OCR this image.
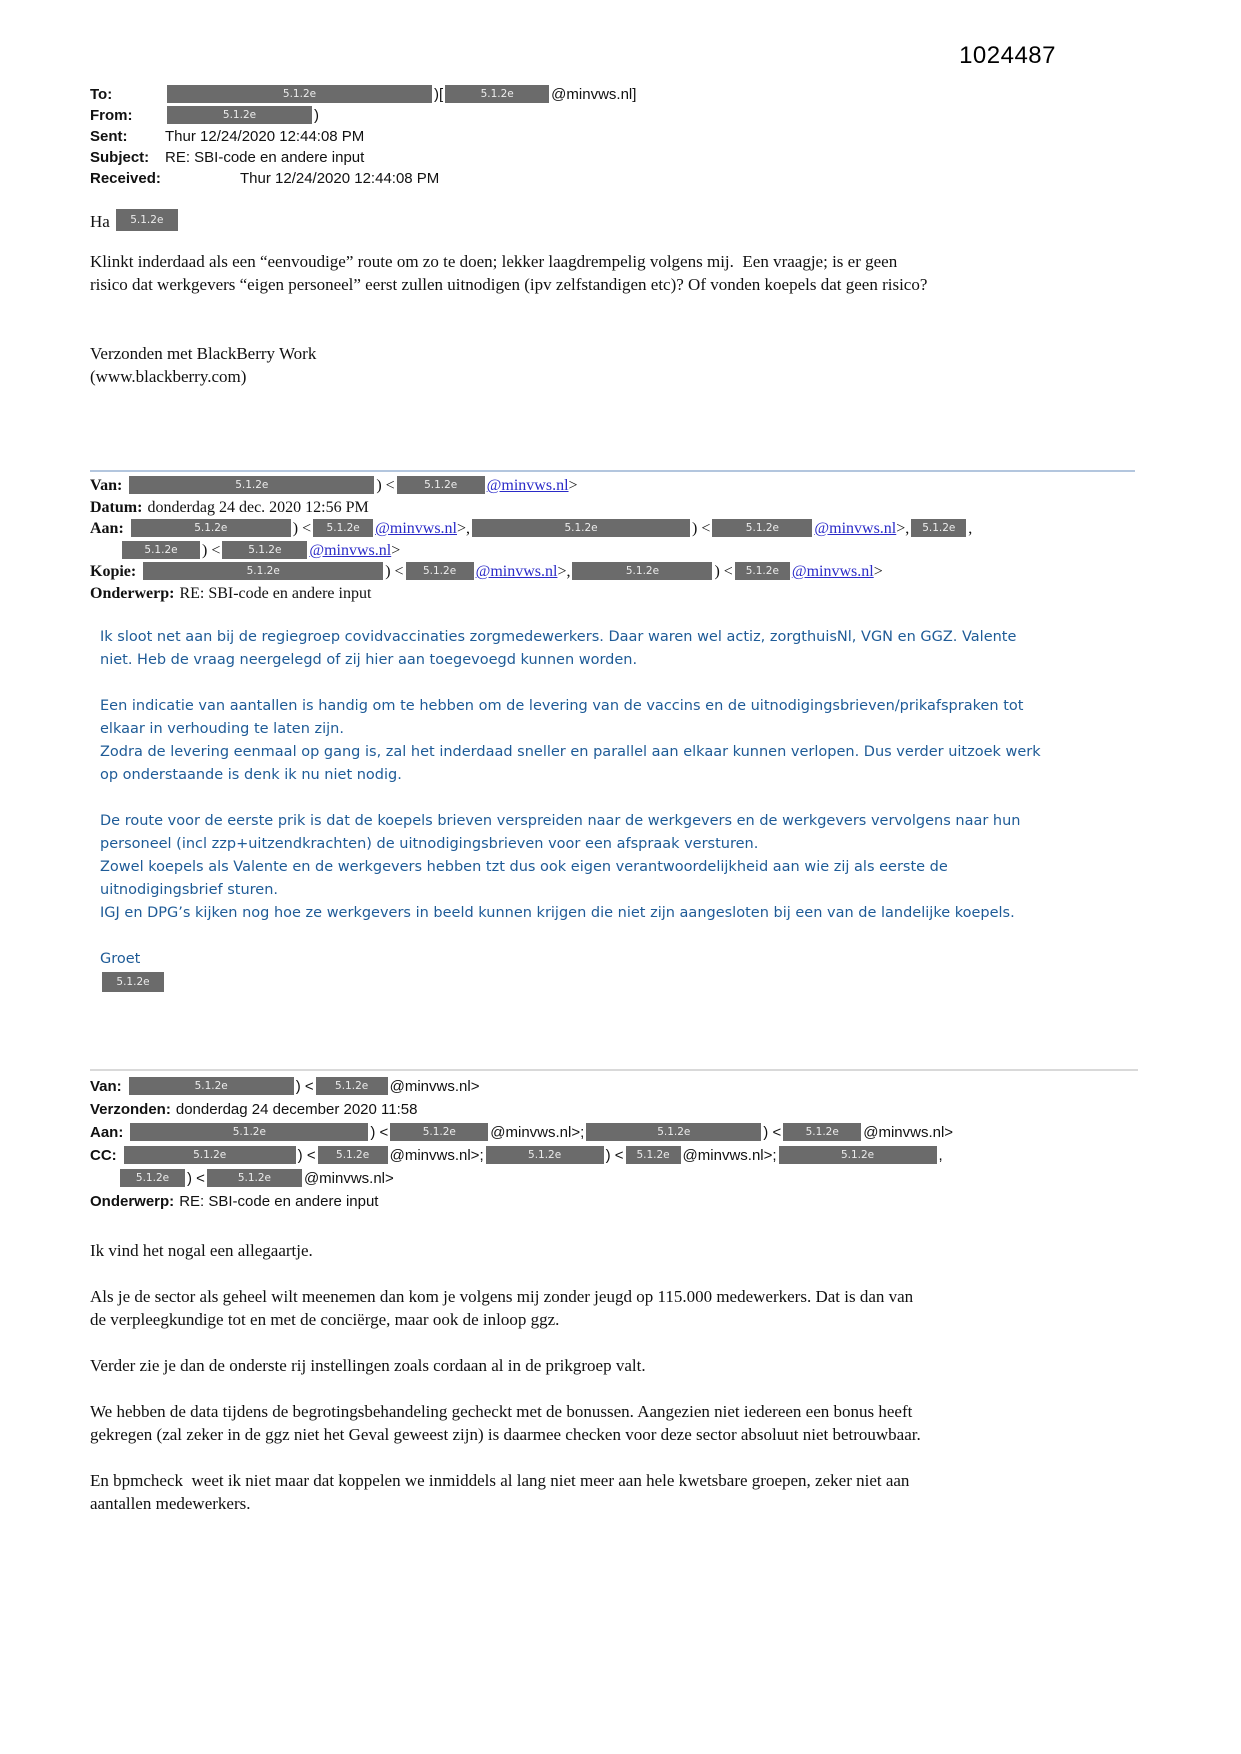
1024487
To:	5.1.2e	)[	5.1.2e @minvws.nl]
From:	5.1.2e	)
Sent:	Thur 12/24/2020 12:44:08 PM
Subject: RE: SBI-code en andere input
Received:	Thur 12/24/2020 12:44:08 PM
Ha 5.1.2e
Klinkt inderdaad als een “eenvoudige” route om zo te doen; lekker laagdrempelig volgens mij.  Een vraagje; is er geen
risico dat werkgevers “eigen personeel” eerst zullen uitnodigen (ipv zelfstandigen etc)? Of vonden koepels dat geen risico?
Verzonden met BlackBerry Work
(www.blackberry.com)
Van:	5.1.2e	) <	5.1.2e @minvws.nl>
Datum: donderdag 24 dec. 2020 12:56 PM
Aan:	5.1.2e	) < 5.1.2e @minvws.nl>,	5.1.2e	) <	5.1.2e @minvws.nl>, 5.1.2e ,
5.1.2e ) <	5.1.2e @minvws.nl>
Kopie:	5.1.2e	) < 5.1.2e @minvws.nl>,	5.1.2e	) < 5.1.2e @minvws.nl>
Onderwerp: RE: SBI-code en andere input
Ik sloot net aan bij de regiegroep covidvaccinaties zorgmedewerkers. Daar waren wel actiz, zorgthuisNl, VGN en GGZ. Valente
niet. Heb de vraag neergelegd of zij hier aan toegevoegd kunnen worden.
Een indicatie van aantallen is handig om te hebben om de levering van de vaccins en de uitnodigingsbrieven/prikafspraken tot
elkaar in verhouding te laten zijn.
Zodra de levering eenmaal op gang is, zal het inderdaad sneller en parallel aan elkaar kunnen verlopen. Dus verder uitzoek werk
op onderstaande is denk ik nu niet nodig.
De route voor de eerste prik is dat de koepels brieven verspreiden naar de werkgevers en de werkgevers vervolgens naar hun
personeel (incl zzp+uitzendkrachten) de uitnodigingsbrieven voor een afspraak versturen.
Zowel koepels als Valente en de werkgevers hebben tzt dus ook eigen verantwoordelijkheid aan wie zij als eerste de
uitnodigingsbrief sturen.
IGJ en DPG’s kijken nog hoe ze werkgevers in beeld kunnen krijgen die niet zijn aangesloten bij een van de landelijke koepels.
Groet
5.1.2e
Van:	5.1.2e	) < 5.1.2e @minvws.nl>
Verzonden: donderdag 24 december 2020 11:58
Aan:	5.1.2e	) <	5.1.2e @minvws.nl>;	5.1.2e	) < 5.1.2e @minvws.nl>
CC:	5.1.2e	) < 5.1.2e @minvws.nl>;	5.1.2e	) < 5.1.2e @minvws.nl>;	5.1.2e	,
5.1.2e ) <	5.1.2e @minvws.nl>
Onderwerp: RE: SBI-code en andere input
Ik vind het nogal een allegaartje.
Als je de sector als geheel wilt meenemen dan kom je volgens mij zonder jeugd op 115.000 medewerkers. Dat is dan van
de verpleegkundige tot en met de conciërge, maar ook de inloop ggz.
Verder zie je dan de onderste rij instellingen zoals cordaan al in de prikgroep valt.
We hebben de data tijdens de begrotingsbehandeling gecheckt met de bonussen. Aangezien niet iedereen een bonus heeft
gekregen (zal zeker in de ggz niet het Geval geweest zijn) is daarmee checken voor deze sector absoluut niet betrouwbaar.
En bpmcheck  weet ik niet maar dat koppelen we inmiddels al lang niet meer aan hele kwetsbare groepen, zeker niet aan
aantallen medewerkers.
